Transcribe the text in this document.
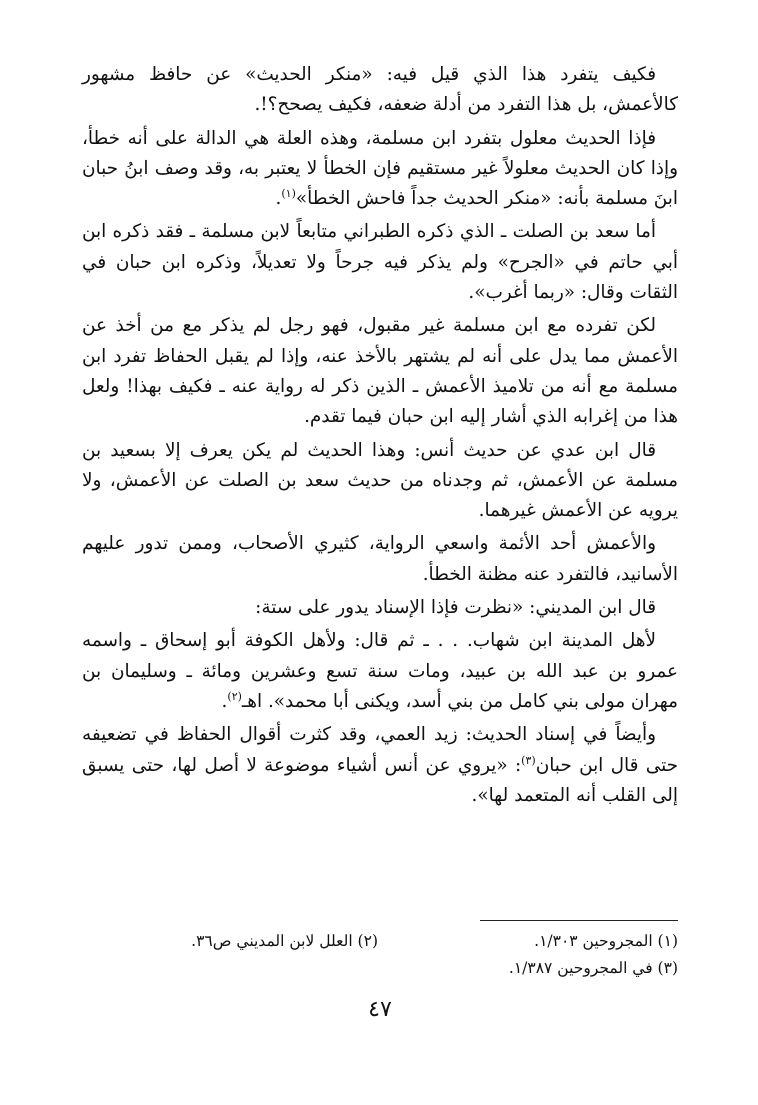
فكيف يتفرد هذا الذي قيل فيه: «منكر الحديث» عن حافظ مشهور كالأعمش، بل هذا التفرد من أدلة ضعفه، فكيف يصحح؟!.

فإذا الحديث معلول بتفرد ابن مسلمة، وهذه العلة هي الدالة على أنه خطأ، وإذا كان الحديث معلولاً غير مستقيم فإن الخطأ لا يعتبر به، وقد وصف ابنُ حبان ابنَ مسلمة بأنه: «منكر الحديث جداً فاحش الخطأ»$^{(١)}$.

أما سعد بن الصلت ـ الذي ذكره الطبراني متابعاً لابن مسلمة ـ فقد ذكره ابن أبي حاتم في «الجرح» ولم يذكر فيه جرحاً ولا تعديلاً، وذكره ابن حبان في الثقات وقال: «ربما أغرب».

لكن تفرده مع ابن مسلمة غير مقبول، فهو رجل لم يذكر مع من أخذ عن الأعمش مما يدل على أنه لم يشتهر بالأخذ عنه، وإذا لم يقبل الحفاظ تفرد ابن مسلمة مع أنه من تلاميذ الأعمش ـ الذين ذكر له رواية عنه ـ فكيف بهذا! ولعل هذا من إغرابه الذي أشار إليه ابن حبان فيما تقدم.

قال ابن عدي عن حديث أنس: وهذا الحديث لم يكن يعرف إلا بسعيد بن مسلمة عن الأعمش، ثم وجدناه من حديث سعد بن الصلت عن الأعمش، ولا يرويه عن الأعمش غيرهما.

والأعمش أحد الأئمة واسعي الرواية، كثيري الأصحاب، وممن تدور عليهم الأسانيد، فالتفرد عنه مظنة الخطأ.

قال ابن المديني: «نظرت فإذا الإسناد يدور على ستة:

لأهل المدينة ابن شهاب. . . ـ ثم قال: ولأهل الكوفة أبو إسحاق ـ واسمه عمرو بن عبد الله بن عبيد، ومات سنة تسع وعشرين ومائة ـ وسليمان بن مهران مولى بني كامل من بني أسد، ويكنى أبا محمد». اهـ$^{(٢)}$.

وأيضاً في إسناد الحديث: زيد العمي، وقد كثرت أقوال الحفاظ في تضعيفه حتى قال ابن حبان$^{(٣)}$: «يروي عن أنس أشياء موضوعة لا أصل لها، حتى يسبق إلى القلب أنه المتعمد لها».

(١) المجروحين ١/٣٠٣.
(٢) العلل لابن المديني ص٣٦.
(٣) في المجروحين ١/٣٨٧.
٤٧
